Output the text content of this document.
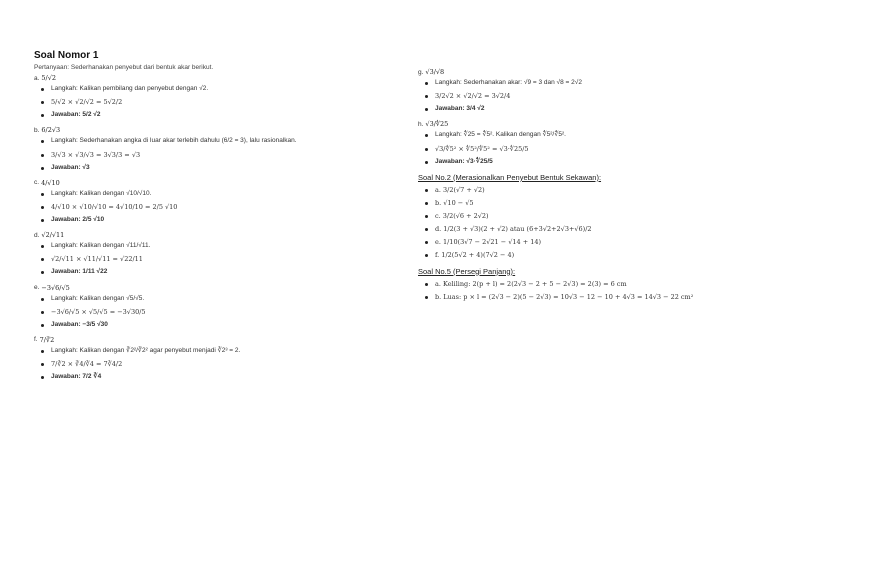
Soal Nomor 1
Pertanyaan: Sederhanakan penyebut dari bentuk akar berikut.
a. 5/√2
Langkah: Kalikan pembilang dan penyebut dengan √2.
5/√2 × √2/√2 = 5√2/2
Jawaban: 5/2 √2
b. 6/2√3
Langkah: Sederhanakan angka di luar akar terlebih dahulu (6/2 = 3), lalu rasionalkan.
3/√3 × √3/√3 = 3√3/3 = √3
Jawaban: √3
c. 4/√10
Langkah: Kalikan dengan √10/√10.
4/√10 × √10/√10 = 4√10/10 = 2/5 √10
Jawaban: 2/5 √10
d. √2/√11
Langkah: Kalikan dengan √11/√11.
√2/√11 × √11/√11 = √22/11
Jawaban: 1/11 √22
e. −3√6/√5
Langkah: Kalikan dengan √5/√5.
−3√6/√5 × √5/√5 = −3√30/5
Jawaban: −3/5 √30
f. 7/∛2
Langkah: Kalikan dengan ∛2²/∛2² agar penyebut menjadi ∛2³ = 2.
7/∛2 × ∛4/∛4 = 7∛4/2
Jawaban: 7/2 ∛4
g. √3/√8
Langkah: Sederhanakan akar: √9 = 3 dan √8 = 2√2
3/2√2 × √2/√2 = 3√2/4
Jawaban: 3/4 √2
h. √3/∜25
Langkah: ∜25 = ∜5². Kalikan dengan ∜5²/∜5².
√3/∜5² × ∜5²/∜5² = √3·∜25/5
Jawaban: √3·∜25/5
Soal No.2 (Merasionalkan Penyebut Bentuk Sekawan):
a. 3/2(√7 + √2)
b. √10 − √5
c. 3/2(√6 + 2√2)
d. 1/2(3 + √3)(2 + √2) atau (6+3√2+2√3+√6)/2
e. 1/10(3√7 − 2√21 − √14 + 14)
f. 1/2(5√2 + 4)(7√2 − 4)
Soal No.5 (Persegi Panjang):
a. Keliling: 2(p + l) = 2(2√3 − 2 + 5 − 2√3) = 2(3) = 6 cm
b. Luas: p × l = (2√3 − 2)(5 − 2√3) = 10√3 − 12 − 10 + 4√3 = 14√3 − 22 cm²
